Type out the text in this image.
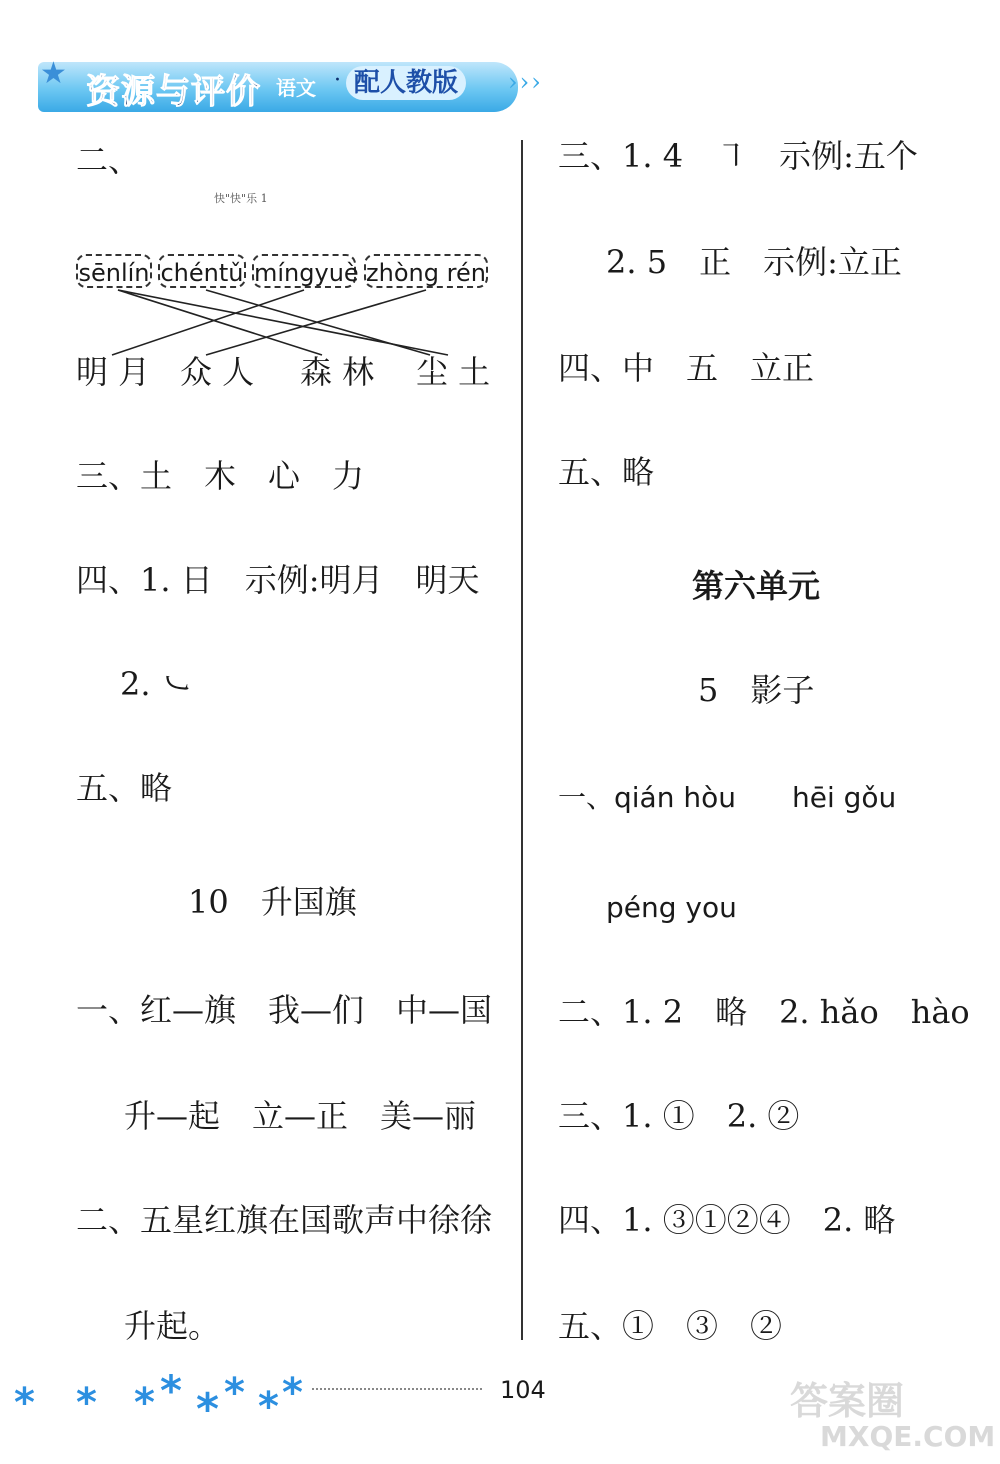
★ 资源与评价 语文 · 配人教版	›››
二、
快"快"乐 1
sēnlín chéntǔ míngyuè zhòng rén
明 月 众 人 森 林 尘 土
三、土　木　心　力
四、1. 日　示例:明月　明天
2. ㇃
五、略
10　升国旗
一、红—旗　我—们　中—国
升—起　立—正　美—丽
二、五星红旗在国歌声中徐徐
升起。
三、1. 4　㇕　示例:五个
2. 5　正　示例:立正
四、中　五　立正
五、略
第六单元
5　影子
一、qián hòu　　hēi gǒu
péng you
二、1. 2　略　2. hǎo　hào
三、1. ①　2. ②
四、1. ③①②④　2. 略
五、①　③　②
* * * * * * * *	104	答案圈
MXQE.COM
